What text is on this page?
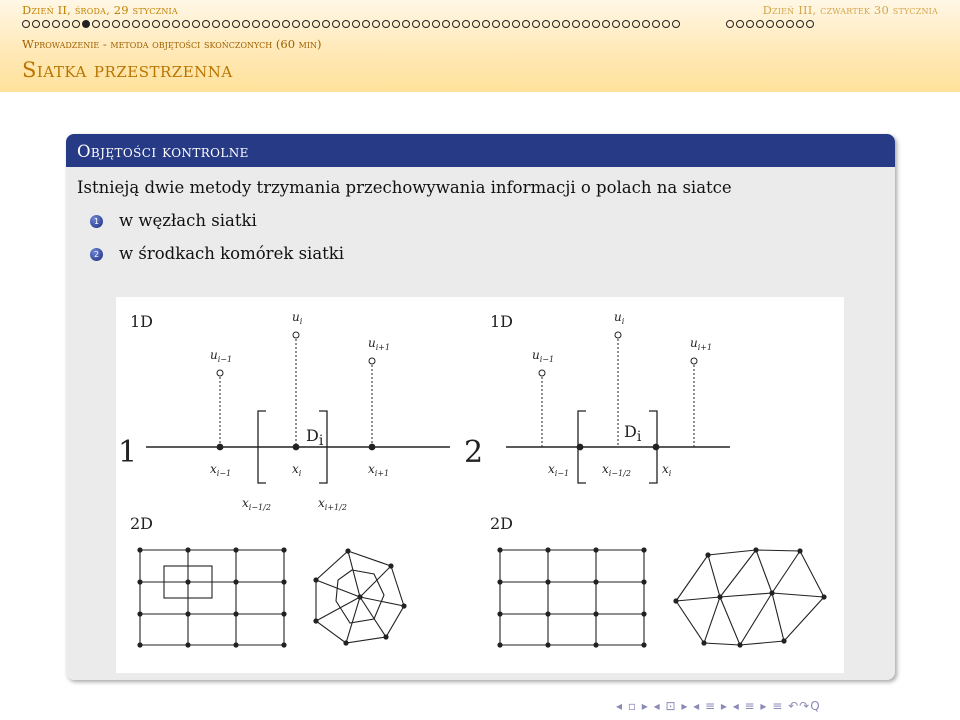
Dzień II, środa, 29 stycznia	Dzień III, czwartek 30 stycznia
Wprowadzenie - metoda objętości skończonych (60 min)
Siatka przestrzenna
Objętości kontrolne
Istnieją dwie metody trzymania przechowywania informacji o polach na siatce
1 w węzłach siatki
2 w środkach komórek siatki
1D
1	Di
$u_{i-1}$
$u_i$
$u_{i+1}$
$x_{i-1}$	$x_i$	$x_{i+1}$
$x_{i-1/2}$	$x_{i+1/2}$
2D
1D
2
Di
$u_{i-1}$
$u_i$
$u_{i+1}$
$x_{i-1}$	$x_{i-1/2}$	$x_i$
2D
◂ ▫ ▸ ◂ ⊡ ▸ ◂ ≡ ▸ ◂ ≡ ▸ ≡ ↶↷Q
